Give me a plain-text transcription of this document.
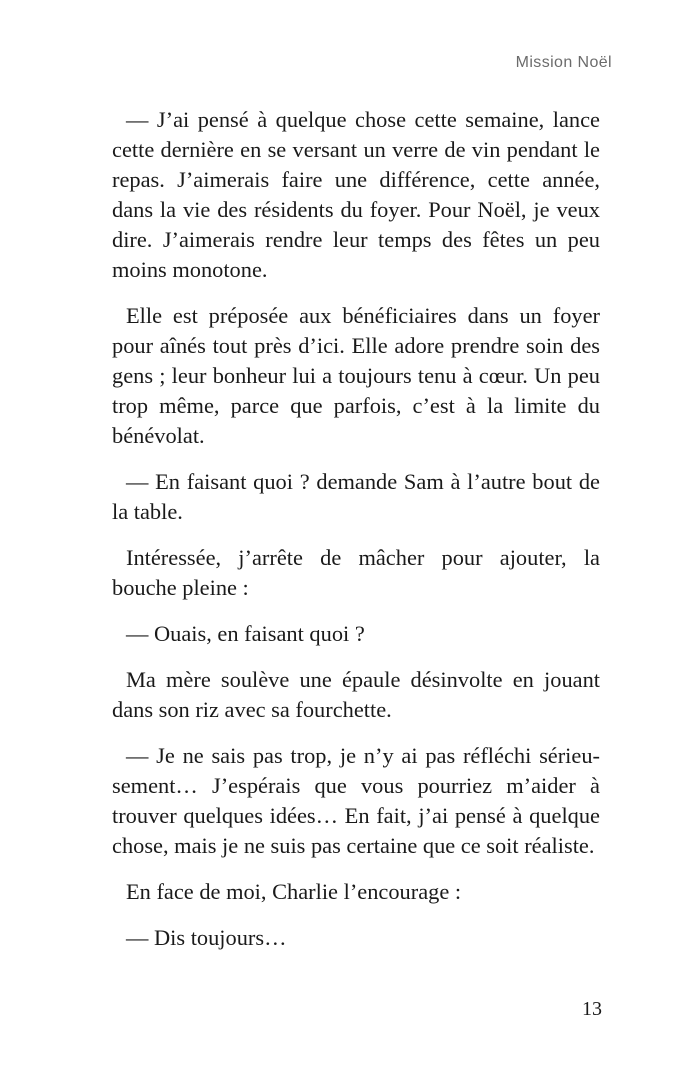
Mission Noël

— J’ai pensé à quelque chose cette semaine, lance cette dernière en se versant un verre de vin pendant le repas. J’aimerais faire une différence, cette année, dans la vie des résidents du foyer. Pour Noël, je veux dire. J’aimerais rendre leur temps des fêtes un peu moins monotone.

Elle est préposée aux bénéficiaires dans un foyer pour aînés tout près d’ici. Elle adore prendre soin des gens ; leur bonheur lui a toujours tenu à cœur. Un peu trop même, parce que parfois, c’est à la limite du bénévolat.

— En faisant quoi ? demande Sam à l’autre bout de la table.

Intéressée, j’arrête de mâcher pour ajouter, la bouche pleine :

— Ouais, en faisant quoi ?

Ma mère soulève une épaule désinvolte en jouant dans son riz avec sa fourchette.

— Je ne sais pas trop, je n’y ai pas réfléchi sérieusement… J’espérais que vous pourriez m’aider à trouver quelques idées… En fait, j’ai pensé à quelque chose, mais je ne suis pas certaine que ce soit réaliste.

En face de moi, Charlie l’encourage :

— Dis toujours…

13
